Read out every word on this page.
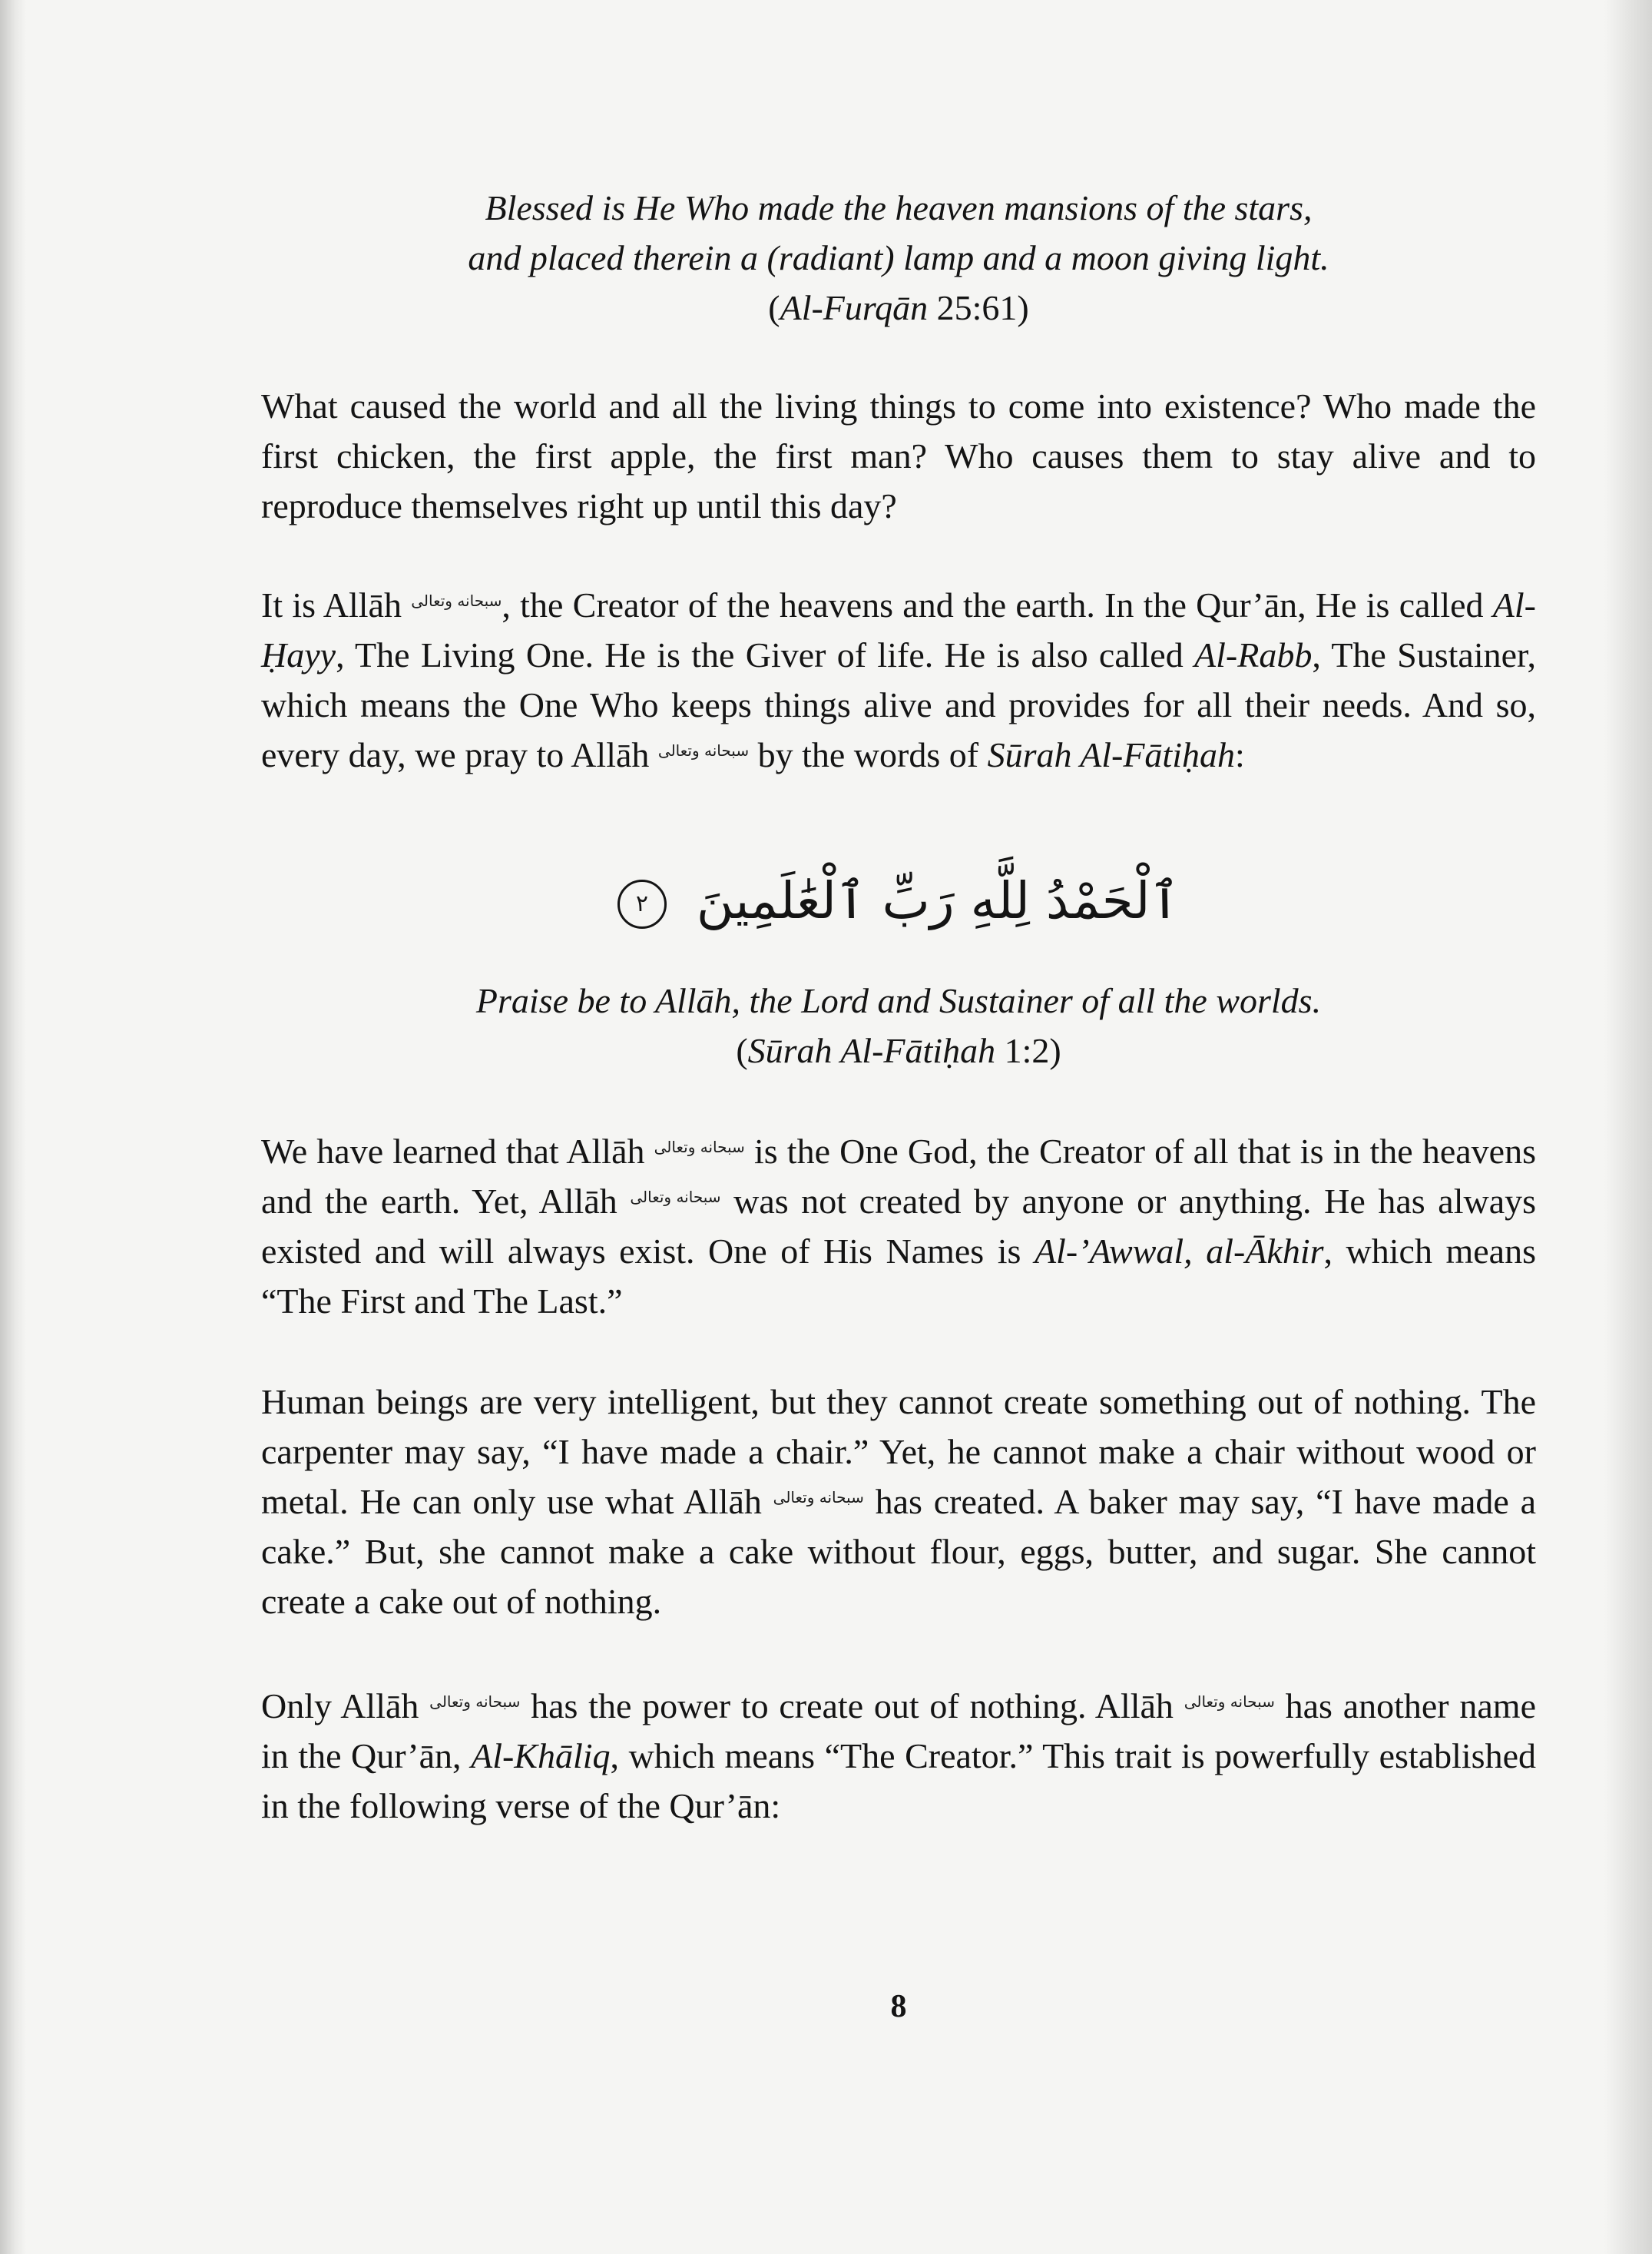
Blessed is He Who made the heaven mansions of the stars,
and placed therein a (radiant) lamp and a moon giving light.
(Al-Furqān 25:61)
What caused the world and all the living things to come into existence? Who made the first chicken, the first apple, the first man? Who causes them to stay alive and to reproduce themselves right up until this day?
It is Allāh سبحانه وتعالى, the Creator of the heavens and the earth. In the Qur’ān, He is called Al-Ḥayy, The Living One. He is the Giver of life. He is also called Al-Rabb, The Sustainer, which means the One Who keeps things alive and provides for all their needs. And so, every day, we pray to Allāh سبحانه وتعالى by the words of Sūrah Al-Fātiḥah:
ٱلْحَمْدُ لِلَّهِ رَبِّ ٱلْعَٰلَمِينَ ٢
Praise be to Allāh, the Lord and Sustainer of all the worlds.
(Sūrah Al-Fātiḥah 1:2)
We have learned that Allāh سبحانه وتعالى is the One God, the Creator of all that is in the heavens and the earth. Yet, Allāh سبحانه وتعالى was not created by anyone or anything. He has always existed and will always exist. One of His Names is Al-’Awwal, al-Ākhir, which means “The First and The Last.”
Human beings are very intelligent, but they cannot create something out of nothing. The carpenter may say, “I have made a chair.” Yet, he cannot make a chair without wood or metal. He can only use what Allāh سبحانه وتعالى has created. A baker may say, “I have made a cake.” But, she cannot make a cake without flour, eggs, butter, and sugar. She cannot create a cake out of nothing.
Only Allāh سبحانه وتعالى has the power to create out of nothing. Allāh سبحانه وتعالى has another name in the Qur’ān, Al-Khāliq, which means “The Creator.” This trait is powerfully established in the following verse of the Qur’ān:
8
